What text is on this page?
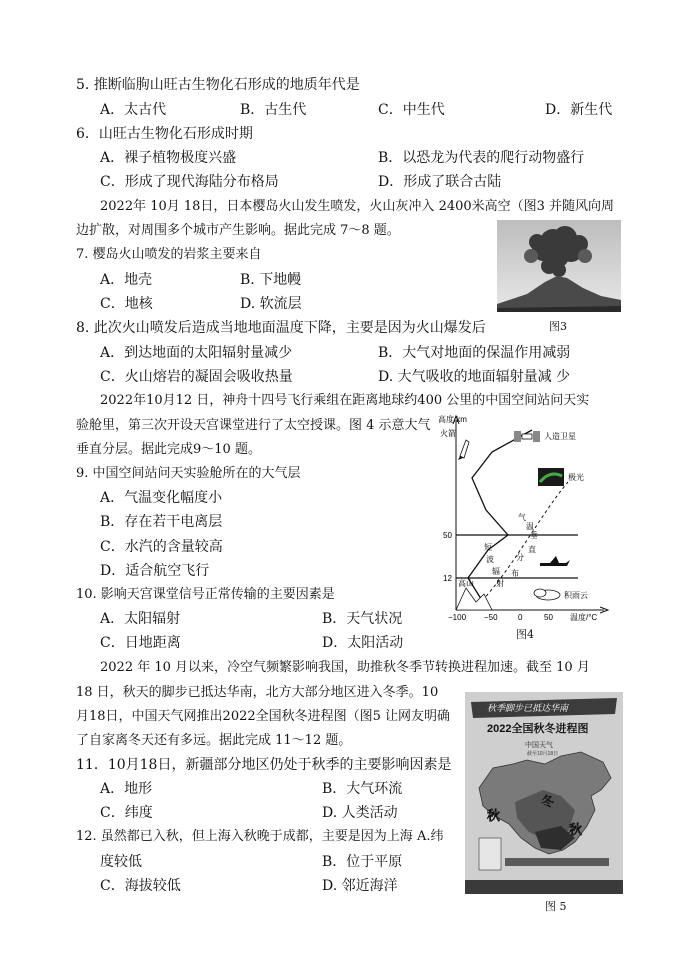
5. 推断临朐山旺古生物化石形成的地质年代是
A．太古代	B．古生代	C．中生代	D．新生代
6．山旺古生物化石形成时期
A．裸子植物极度兴盛	B．以恐龙为代表的爬行动物盛行
C．形成了现代海陆分布格局	D．形成了联合古陆
2022年 10月 18日，日本樱岛火山发生喷发，火山灰冲入 2400米高空（图3 并随风向周
边扩散，对周围多个城市产生影响。据此完成 7～8 题。
7. 樱岛火山喷发的岩浆主要来自
A．地壳	B. 下地幔
C．地核	D. 软流层
图3
8. 此次火山喷发后造成当地地面温度下降，主要是因为火山爆发后
A．到达地面的太阳辐射量减少	B．大气对地面的保温作用减弱
C．火山熔岩的凝固会吸收热量	D. 大气吸收的地面辐射量减 少
2022年10月12 日，神舟十四号飞行乘组在距离地球约400 公里的中国空间站问天实
验舱里，第三次开设天宫课堂进行了太空授课。图 4 示意大气
垂直分层。据此完成9～10 题。
9. 中国空间站问天实验舱所在的大气层
A．气温变化幅度小
B．存在若干电离层
C．水汽的含量较高
D．适合航空飞行
10. 影响天宫课堂信号正常传输的主要因素是
A．太阳辐射	B．天气状况
C．日地距离	D．太阳活动
高度/km
50
12
火箭	人造卫星
极光
气
温
垂
直
分
布
短
波
辐
射
积雨云
高山
−100 −50	0	50 温度/°C
图4
2022 年 10 月以来，冷空气频繁影响我国，助推秋冬季节转换进程加速。截至 10 月
18 日，秋天的脚步已抵达华南，北方大部分地区进入冬季。10
月18日，中国天气网推出2022全国秋冬进程图（图5 让网友明确
了自家离冬天还有多远。据此完成 11～12 题。
11．10月18日，新疆部分地区仍处于秋季的主要影响因素是
A．地形	B．大气环流
C．纬度	D. 人类活动
12. 虽然都已入秋，但上海入秋晚于成都，主要是因为上海 A.纬
度较低	B．位于平原
C．海拔较低	D. 邻近海洋
秋季脚步已抵达华南
2022全国秋冬进程图
中国天气
截至10月18日
秋
冬
秋
图 5
